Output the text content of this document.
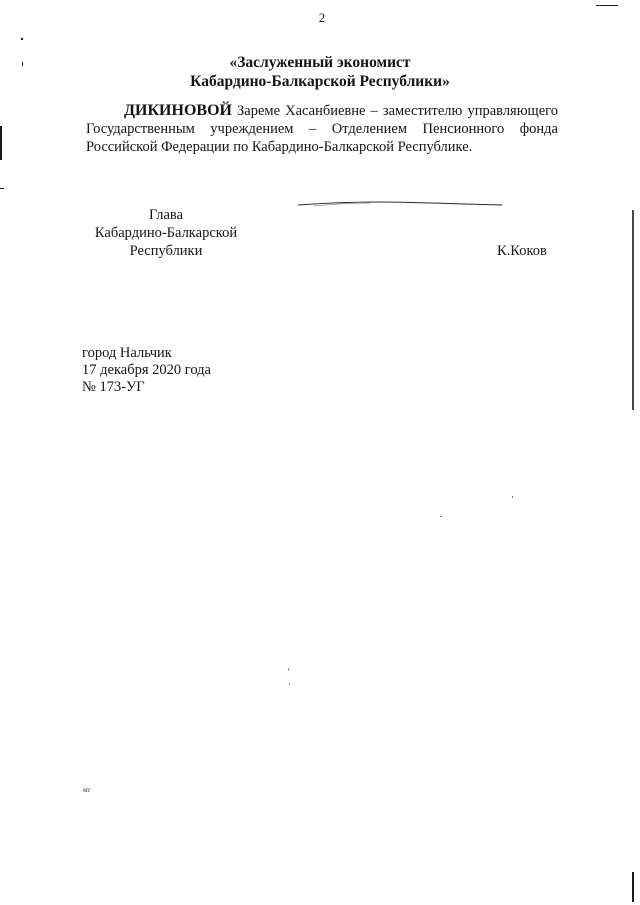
2
«Заслуженный экономист
Кабардино-Балкарской Республики»
ДИКИНОВОЙ Зареме Хасанбиевне – заместителю управляющего
Государственным учреждением – Отделением Пенсионного фонда
Российской Федерации по Кабардино-Балкарской Республике.
Глава
Кабардино-Балкарской
Республики	К.Коков
город Нальчик
17 декабря 2020 года
№ 173-УГ
мт
